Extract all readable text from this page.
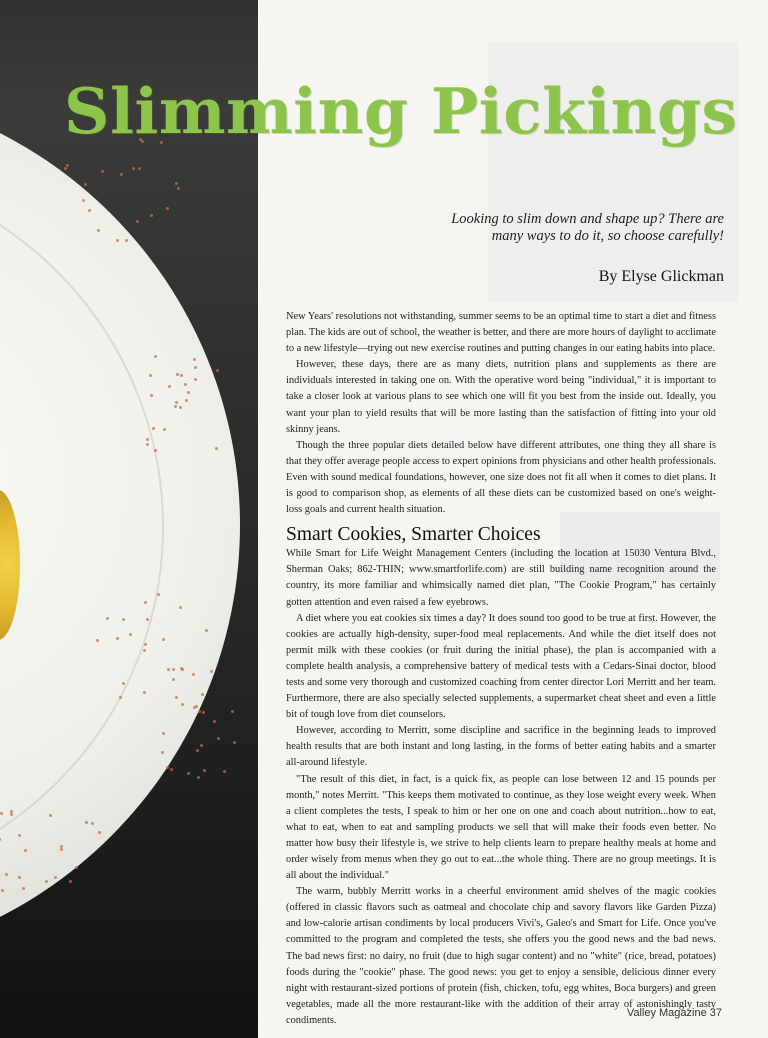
Slimming Pickings

Looking to slim down and shape up? There are many ways to do it, so choose carefully!

By Elyse Glickman

New Years' resolutions not withstanding, summer seems to be an optimal time to start a diet and fitness plan. The kids are out of school, the weather is better, and there are more hours of daylight to acclimate to a new lifestyle—trying out new exercise routines and putting changes in our eating habits into place.

However, these days, there are as many diets, nutrition plans and supplements as there are individuals interested in taking one on. With the operative word being "individual," it is important to take a closer look at various plans to see which one will fit you best from the inside out. Ideally, you want your plan to yield results that will be more lasting than the satisfaction of fitting into your old skinny jeans.

Though the three popular diets detailed below have different attributes, one thing they all share is that they offer average people access to expert opinions from physicians and other health professionals. Even with sound medical foundations, however, one size does not fit all when it comes to diet plans. It is good to comparison shop, as elements of all these diets can be customized based on one's weight-loss goals and current health situation.

Smart Cookies, Smarter Choices

While Smart for Life Weight Management Centers (including the location at 15030 Ventura Blvd., Sherman Oaks; 862-THIN; www.smartforlife.com) are still building name recognition around the country, its more familiar and whimsically named diet plan, "The Cookie Program," has certainly gotten attention and even raised a few eyebrows.

A diet where you eat cookies six times a day? It does sound too good to be true at first. However, the cookies are actually high-density, super-food meal replacements. And while the diet itself does not permit milk with these cookies (or fruit during the initial phase), the plan is accompanied with a complete health analysis, a comprehensive battery of medical tests with a Cedars-Sinai doctor, blood tests and some very thorough and customized coaching from center director Lori Merritt and her team. Furthermore, there are also specially selected supplements, a supermarket cheat sheet and even a little bit of tough love from diet counselors.

However, according to Merritt, some discipline and sacrifice in the beginning leads to improved health results that are both instant and long lasting, in the forms of better eating habits and a smarter all-around lifestyle.

"The result of this diet, in fact, is a quick fix, as people can lose between 12 and 15 pounds per month," notes Merritt. "This keeps them motivated to continue, as they lose weight every week. When a client completes the tests, I speak to him or her one on one and coach about nutrition...how to eat, what to eat, when to eat and sampling products we sell that will make their foods even better. No matter how busy their lifestyle is, we strive to help clients learn to prepare healthy meals at home and order wisely from menus when they go out to eat...the whole thing. There are no group meetings. It is all about the individual."

The warm, bubbly Merritt works in a cheerful environment amid shelves of the magic cookies (offered in classic flavors such as oatmeal and chocolate chip and savory flavors like Garden Pizza) and low-calorie artisan condiments by local producers Vivi's, Galeo's and Smart for Life. Once you've committed to the program and completed the tests, she offers you the good news and the bad news. The bad news first: no dairy, no fruit (due to high sugar content) and no "white" (rice, bread, potatoes) foods during the "cookie" phase. The good news: you get to enjoy a sensible, delicious dinner every night with restaurant-sized portions of protein (fish, chicken, tofu, egg whites, Boca burgers) and green vegetables, made all the more restaurant-like with the addition of their array of astonishingly tasty condiments.

Valley Magazine 37
